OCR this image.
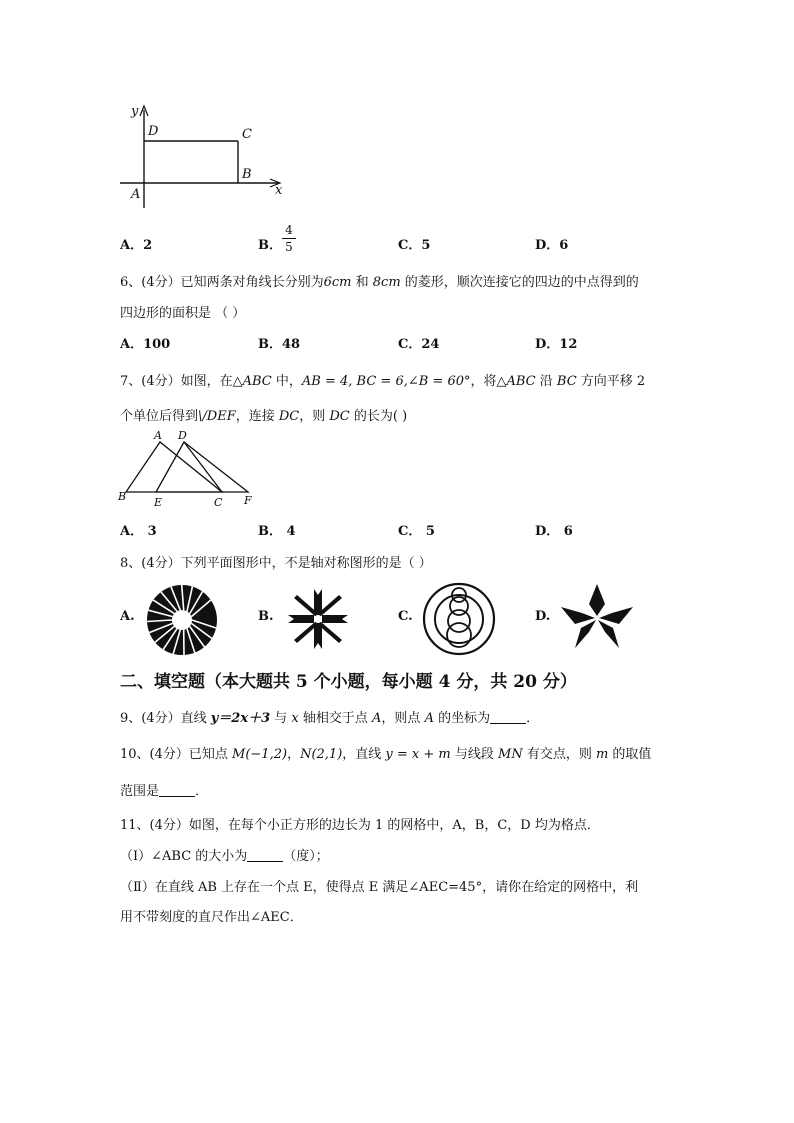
y
x
D	C
B
A
A．2	B． $\frac{4}{5}$	C．5	D．6
6、(4分）已知两条对角线长分别为6cm 和 8cm 的菱形，顺次连接它的四边的中点得到的
四边形的面积是 （ ）
A．100	B．48	C．24	D．12
7、(4分）如图，在△ABC 中，AB = 4, BC = 6,∠B = 60°，将△ABC 沿 BC 方向平移 2
个单位后得到\/DEF，连接 DC，则 DC 的长为( )
A D
B	E	C F
A． 3	B． 4	C． 5	D． 6
8、(4分）下列平面图形中，不是轴对称图形的是（ ）
A.	B.	C.	D.
二、填空题（本大题共 5 个小题，每小题 4 分，共 20 分）
9、(4分）直线 y＝2x＋3 与 x 轴相交于点 A，则点 A 的坐标为	．
10、(4分）已知点 M(−1,2)，N(2,1)，直线 y = x + m 与线段 MN 有交点，则 m 的取值
范围是	．
11、(4分）如图，在每个小正方形的边长为 1 的网格中，A，B，C，D 均为格点．
（Ⅰ）∠ABC 的大小为	（度）；
（Ⅱ）在直线 AB 上存在一个点 E，使得点 E 满足∠AEC=45°，请你在给定的网格中，利
用不带刻度的直尺作出∠AEC．
